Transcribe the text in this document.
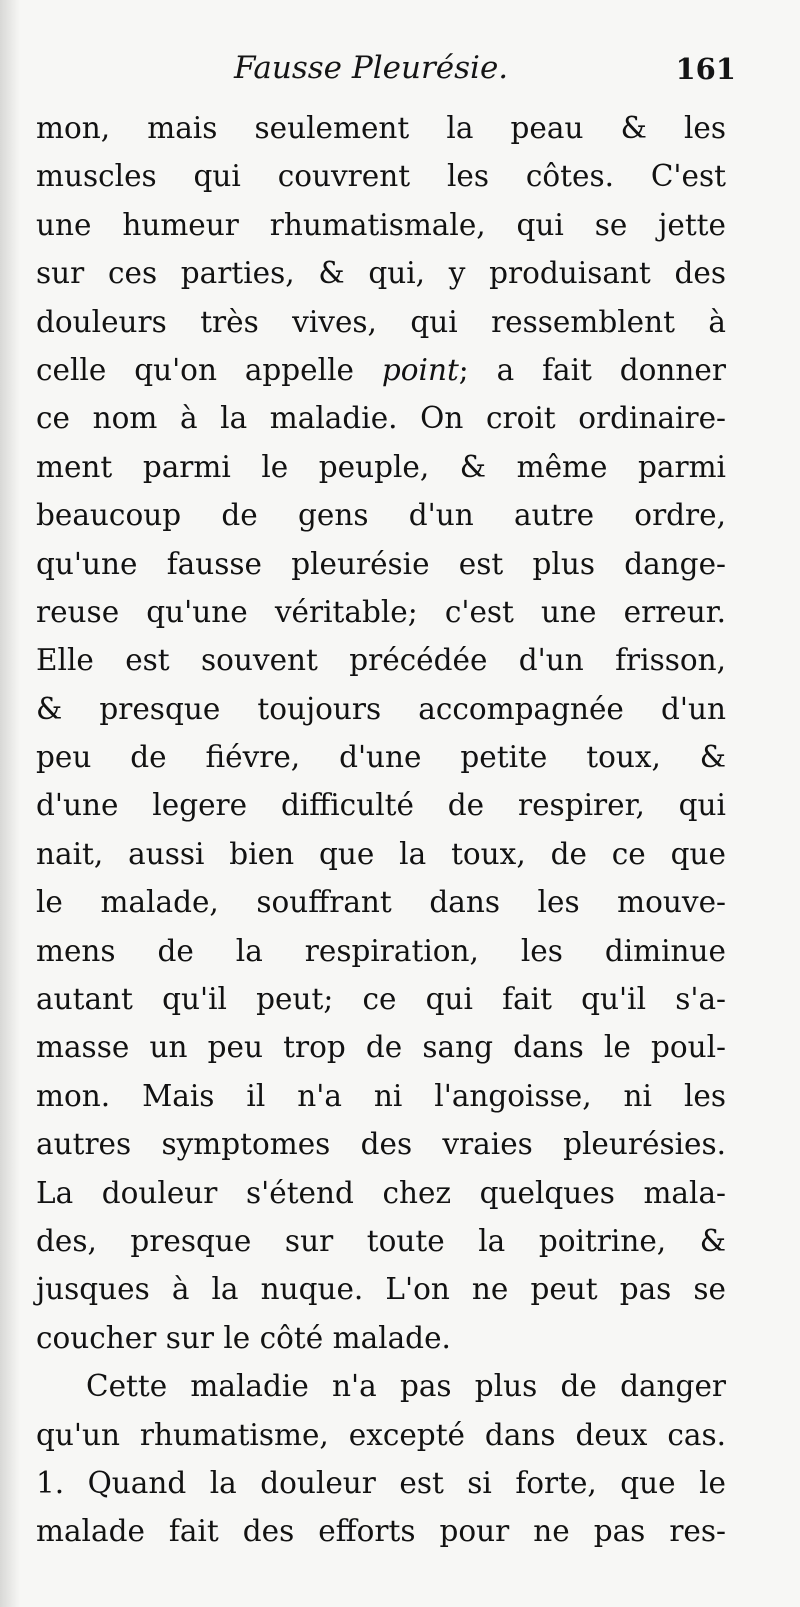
Fausse Pleurésie.	161
mon, mais seulement la peau & les
muscles qui couvrent les côtes. C'est
une humeur rhumatismale, qui se jette
sur ces parties, & qui, y produisant des
douleurs très vives, qui ressemblent à
celle qu'on appelle point; a fait donner
ce nom à la maladie. On croit ordinaire-
ment parmi le peuple, & même parmi
beaucoup de gens d'un autre ordre,
qu'une fausse pleurésie est plus dange-
reuse qu'une véritable; c'est une erreur.
Elle est souvent précédée d'un frisson,
& presque toujours accompagnée d'un
peu de fiévre, d'une petite toux, &
d'une legere difficulté de respirer, qui
nait, aussi bien que la toux, de ce que
le malade, souffrant dans les mouve-
mens de la respiration, les diminue
autant qu'il peut; ce qui fait qu'il s'a-
masse un peu trop de sang dans le poul-
mon. Mais il n'a ni l'angoisse, ni les
autres symptomes des vraies pleurésies.
La douleur s'étend chez quelques mala-
des, presque sur toute la poitrine, &
jusques à la nuque. L'on ne peut pas se
coucher sur le côté malade.
Cette maladie n'a pas plus de danger
qu'un rhumatisme, excepté dans deux cas.
1. Quand la douleur est si forte, que le
malade fait des efforts pour ne pas res-
